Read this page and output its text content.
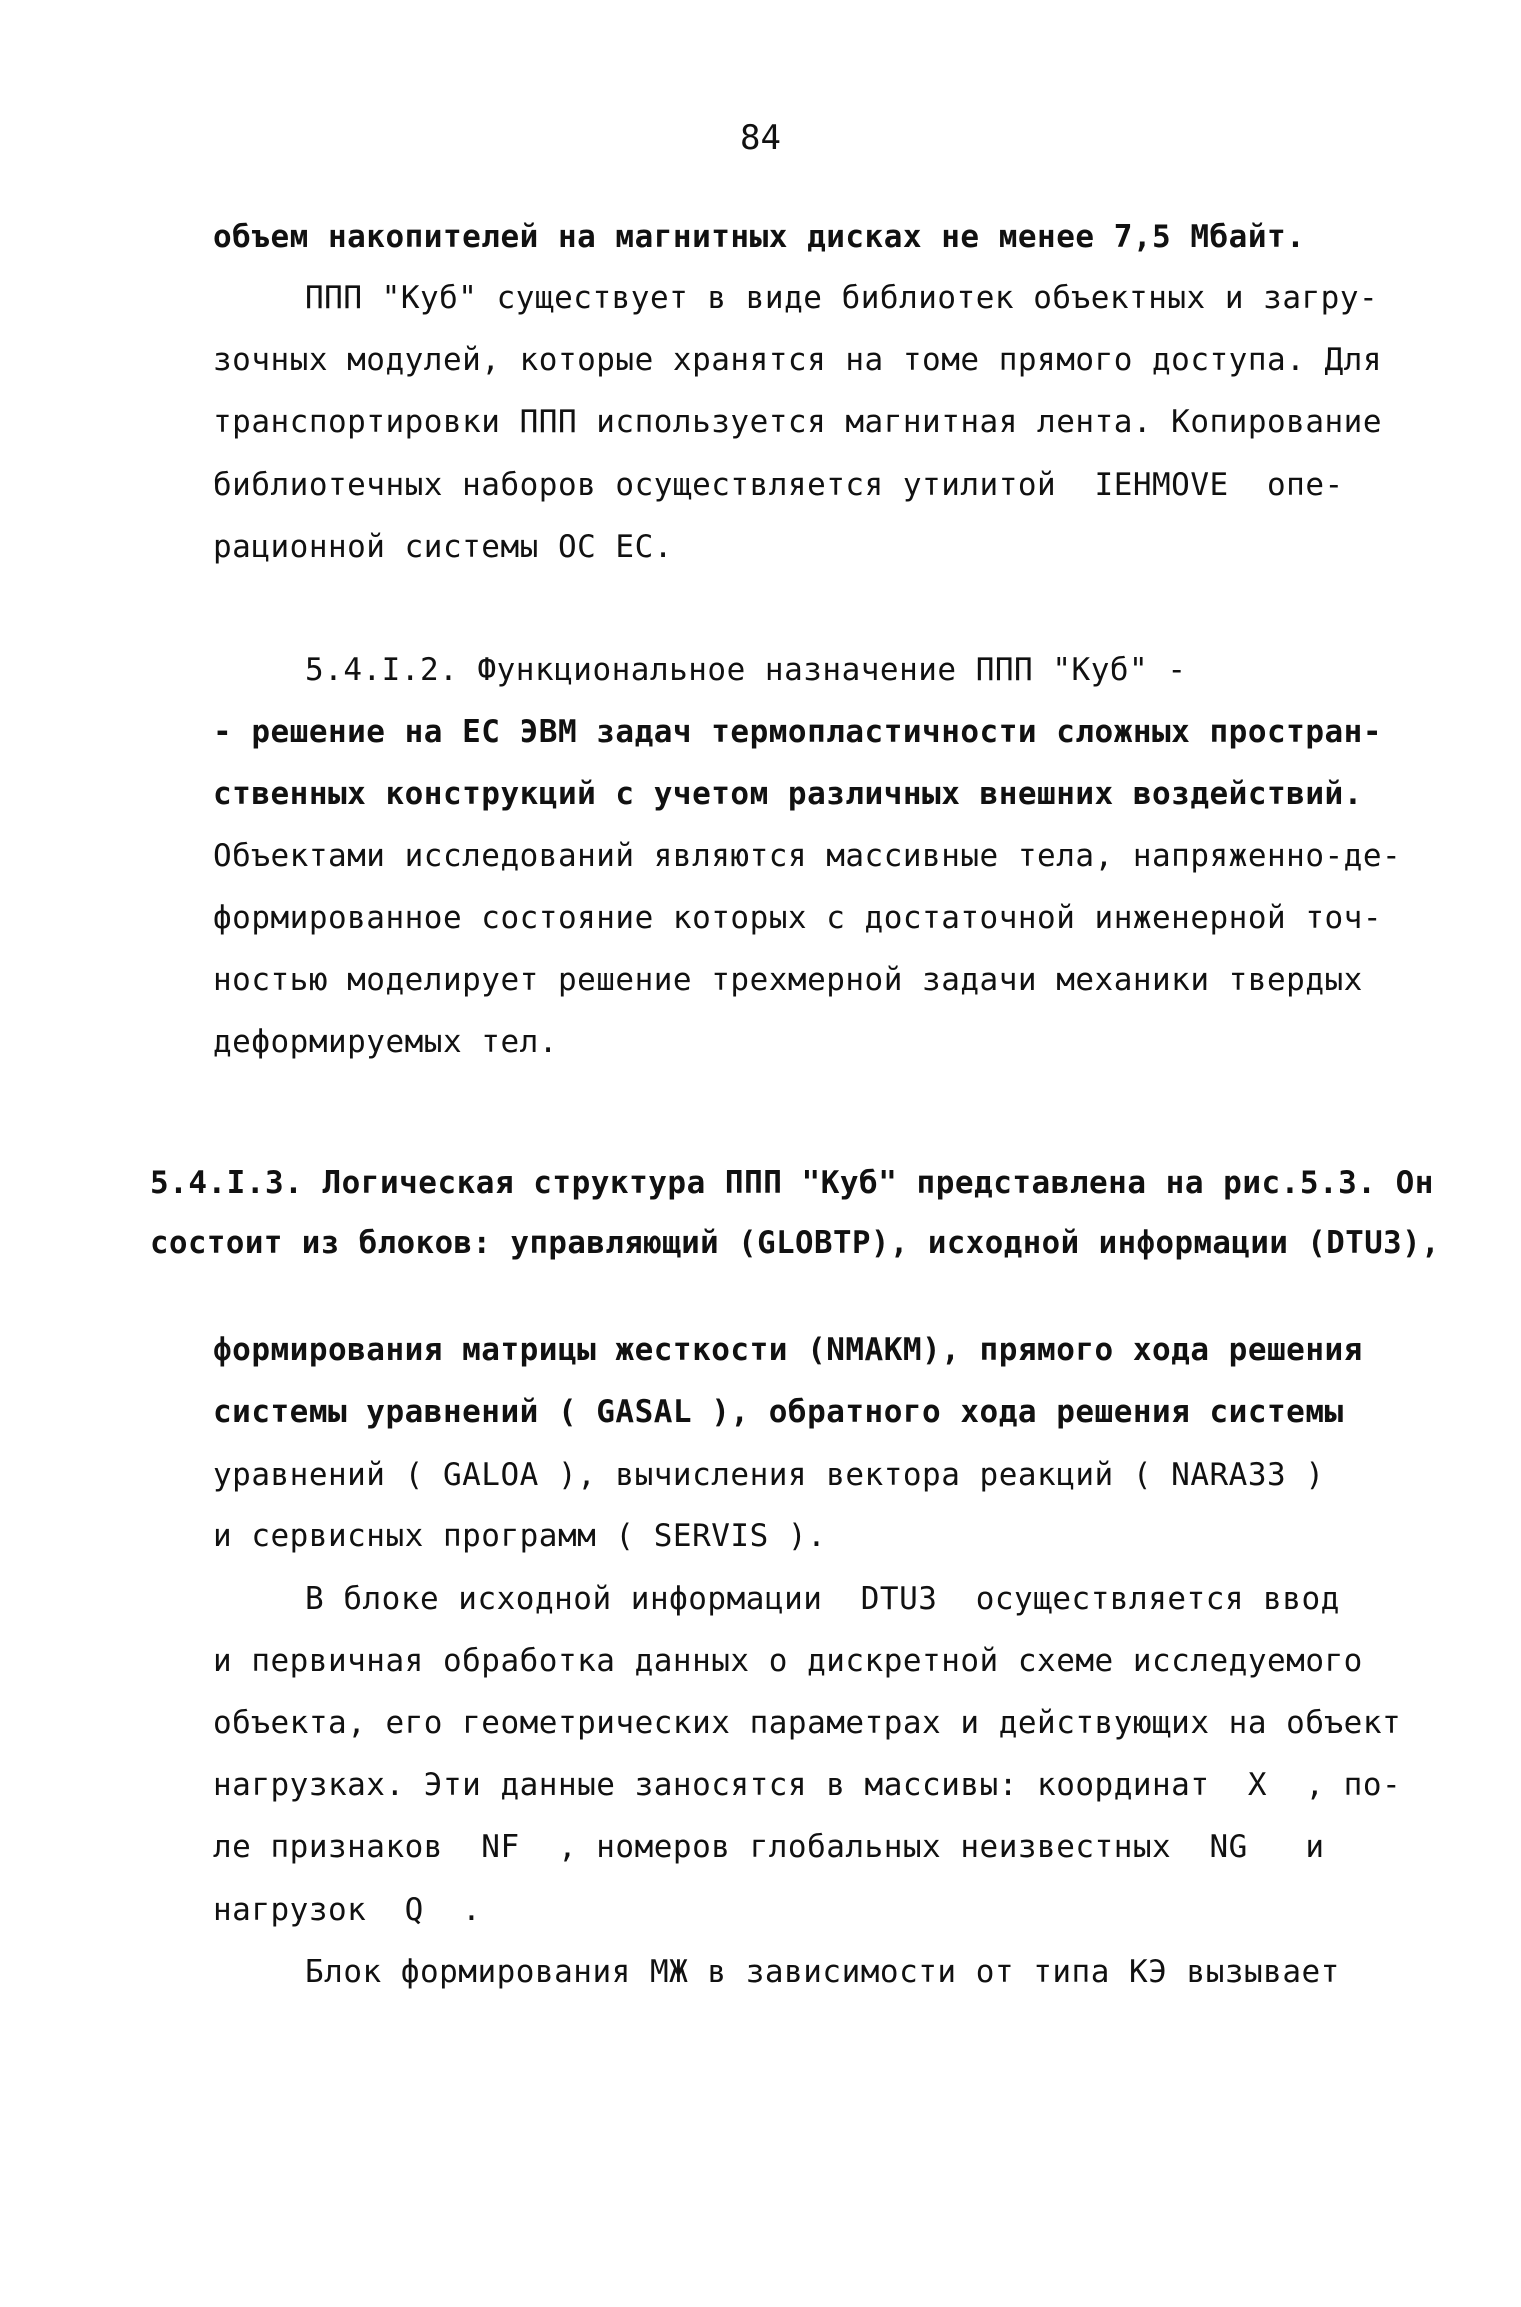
84
объем накопителей на магнитных дисках не менее 7,5 Мбайт.
ППП "Куб" существует в виде библиотек объектных и загру-
зочных модулей, которые хранятся на томе прямого доступа. Для
транспортировки ППП используется магнитная лента. Копирование
библиотечных наборов осуществляется утилитой  IEHMOVE  опе-
рационной системы ОС ЕС.
5.4.I.2. Функциональное назначение ППП "Куб" -
- решение на ЕС ЭВМ задач термопластичности сложных простран-
ственных конструкций с учетом различных внешних воздействий.
Объектами исследований являются массивные тела, напряженно-де-
формированное состояние которых с достаточной инженерной точ-
ностью моделирует решение трехмерной задачи механики твердых
деформируемых тел.
5.4.I.3. Логическая структура ППП "Куб" представлена на рис.5.3. Он
состоит из блоков: управляющий (GLOBTP), исходной информации (DTU3),
формирования матрицы жесткости (NMAKM), прямого хода решения
системы уравнений ( GASAL ), обратного хода решения системы
уравнений ( GALOA ), вычисления вектора реакций ( NARA33 )
и сервисных программ ( SERVIS ).
В блоке исходной информации  DTU3  осуществляется ввод
и первичная обработка данных о дискретной схеме исследуемого
объекта, его геометрических параметрах и действующих на объект
нагрузках. Эти данные заносятся в массивы: координат  X  , по-
ле признаков  NF  , номеров глобальных неизвестных  NG   и
нагрузок  Q  .
Блок формирования МЖ в зависимости от типа КЭ вызывает
